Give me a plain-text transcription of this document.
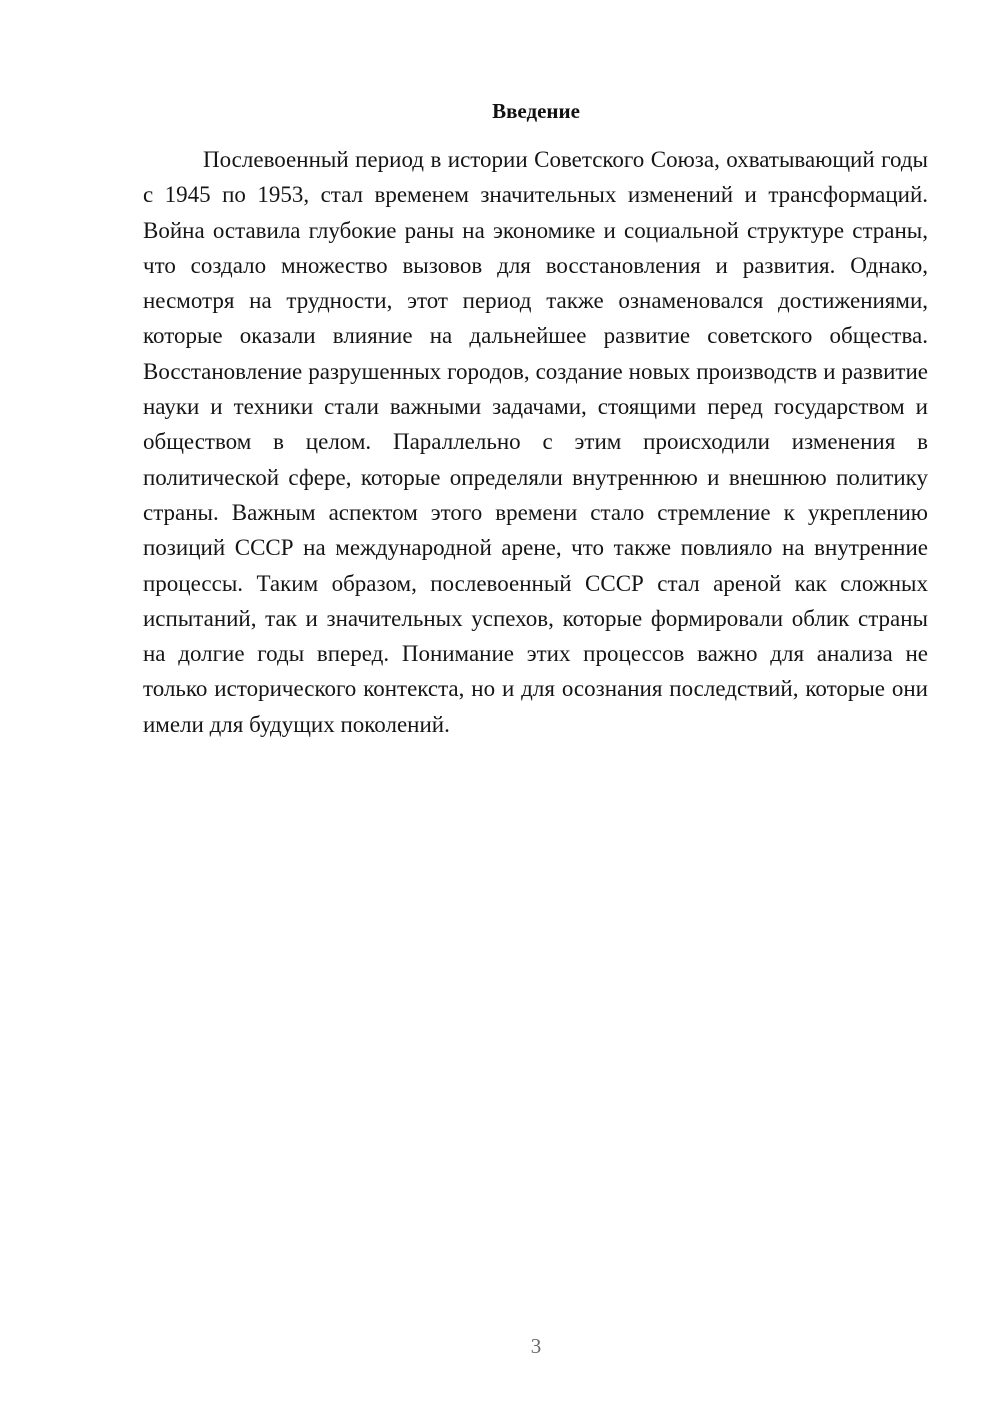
Введение

Послевоенный период в истории Советского Союза, охватывающий годы с 1945 по 1953, стал временем значительных изменений и трансформаций. Война оставила глубокие раны на экономике и социальной структуре страны, что создало множество вызовов для восстановления и развития. Однако, несмотря на трудности, этот период также ознаменовался достижениями, которые оказали влияние на дальнейшее развитие советского общества. Восстановление разрушенных городов, создание новых производств и развитие науки и техники стали важными задачами, стоящими перед государством и обществом в целом. Параллельно с этим происходили изменения в политической сфере, которые определяли внутреннюю и внешнюю политику страны. Важным аспектом этого времени стало стремление к укреплению позиций СССР на международной арене, что также повлияло на внутренние процессы. Таким образом, послевоенный СССР стал ареной как сложных испытаний, так и значительных успехов, которые формировали облик страны на долгие годы вперед. Понимание этих процессов важно для анализа не только исторического контекста, но и для осознания последствий, которые они имели для будущих поколений.

3
